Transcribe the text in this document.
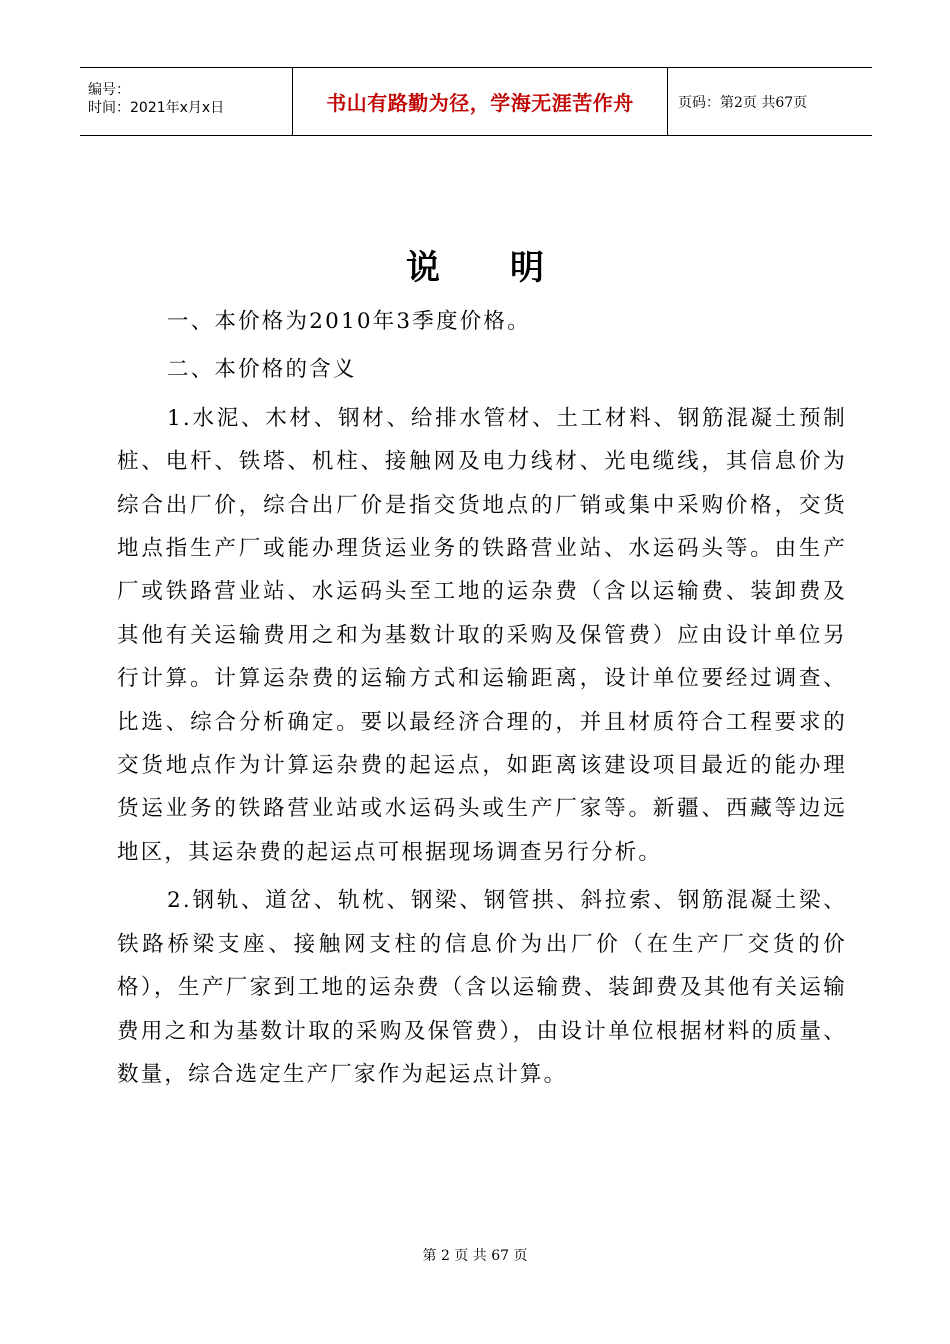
编号：
时间：2021年x月x日	书山有路勤为径，学海无涯苦作舟	页码：第2页 共67页
说 明

一、本价格为2010年3季度价格。

二、本价格的含义

1.水泥、木材、钢材、给排水管材、土工材料、钢筋混凝土预制桩、电杆、铁塔、机柱、接触网及电力线材、光电缆线，其信息价为综合出厂价，综合出厂价是指交货地点的厂销或集中采购价格，交货地点指生产厂或能办理货运业务的铁路营业站、水运码头等。由生产厂或铁路营业站、水运码头至工地的运杂费（含以运输费、装卸费及其他有关运输费用之和为基数计取的采购及保管费）应由设计单位另行计算。计算运杂费的运输方式和运输距离，设计单位要经过调查、比选、综合分析确定。要以最经济合理的，并且材质符合工程要求的交货地点作为计算运杂费的起运点，如距离该建设项目最近的能办理货运业务的铁路营业站或水运码头或生产厂家等。新疆、西藏等边远地区，其运杂费的起运点可根据现场调查另行分析。

2.钢轨、道岔、轨枕、钢梁、钢管拱、斜拉索、钢筋混凝土梁、铁路桥梁支座、接触网支柱的信息价为出厂价（在生产厂交货的价格），生产厂家到工地的运杂费（含以运输费、装卸费及其他有关运输费用之和为基数计取的采购及保管费），由设计单位根据材料的质量、数量，综合选定生产厂家作为起运点计算。

第 2 页 共 67 页
